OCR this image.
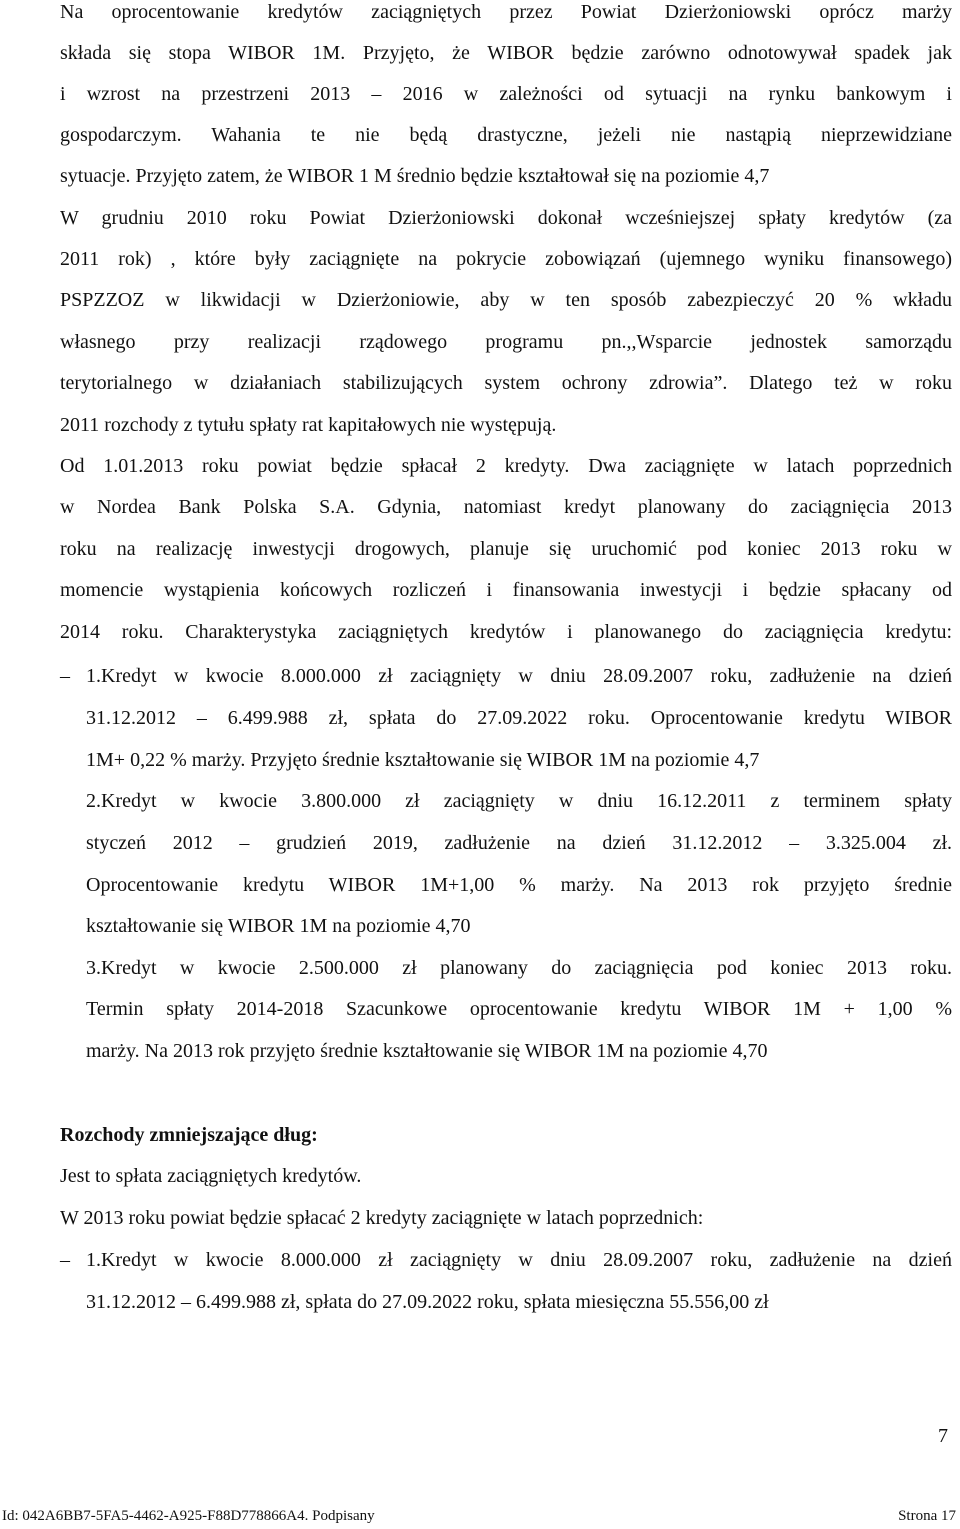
Na oprocentowanie kredytów zaciągniętych przez Powiat Dzierżoniowski oprócz marży
składa się stopa WIBOR 1M. Przyjęto, że WIBOR będzie zarówno odnotowywał spadek jak
i wzrost na przestrzeni 2013 – 2016 w zależności od sytuacji na rynku bankowym i
gospodarczym. Wahania te nie będą drastyczne, jeżeli nie nastąpią nieprzewidziane
sytuacje. Przyjęto zatem, że WIBOR 1 M średnio będzie kształtował się na poziomie 4,7
W grudniu 2010 roku Powiat Dzierżoniowski dokonał wcześniejszej spłaty kredytów (za
2011 rok) , które były zaciągnięte na pokrycie zobowiązań (ujemnego wyniku finansowego)
PSPZZOZ w likwidacji w Dzierżoniowie, aby w ten sposób zabezpieczyć 20 % wkładu
własnego przy realizacji rządowego programu pn.,,Wsparcie jednostek samorządu
terytorialnego w działaniach stabilizujących system ochrony zdrowia”. Dlatego też w roku
2011 rozchody z tytułu spłaty rat kapitałowych nie występują.
Od 1.01.2013 roku powiat będzie spłacał 2 kredyty. Dwa zaciągnięte w latach poprzednich
w Nordea Bank Polska S.A. Gdynia, natomiast kredyt planowany do zaciągnięcia 2013
roku na realizację inwestycji drogowych, planuje się uruchomić pod koniec 2013 roku w
momencie wystąpienia końcowych rozliczeń i finansowania inwestycji i będzie spłacany od
2014 roku. Charakterystyka zaciągniętych kredytów i planowanego do zaciągnięcia kredytu:
– 1.Kredyt w kwocie 8.000.000 zł zaciągnięty w dniu 28.09.2007 roku, zadłużenie na dzień
31.12.2012 – 6.499.988 zł, spłata do 27.09.2022 roku. Oprocentowanie kredytu WIBOR
1M+ 0,22 % marży. Przyjęto średnie kształtowanie się WIBOR 1M na poziomie 4,7
2.Kredyt w kwocie 3.800.000 zł zaciągnięty w dniu 16.12.2011 z terminem spłaty
styczeń 2012 – grudzień 2019, zadłużenie na dzień 31.12.2012 – 3.325.004 zł.
Oprocentowanie kredytu WIBOR 1M+1,00 % marży. Na 2013 rok przyjęto średnie
kształtowanie się WIBOR 1M na poziomie 4,70
3.Kredyt w kwocie 2.500.000 zł planowany do zaciągnięcia pod koniec 2013 roku.
Termin spłaty 2014-2018 Szacunkowe oprocentowanie kredytu WIBOR 1M + 1,00 %
marży. Na 2013 rok przyjęto średnie kształtowanie się WIBOR 1M na poziomie 4,70
Rozchody zmniejszające dług:
Jest to spłata zaciągniętych kredytów.
W 2013 roku powiat będzie spłacać 2 kredyty zaciągnięte w latach poprzednich:
– 1.Kredyt w kwocie 8.000.000 zł zaciągnięty w dniu 28.09.2007 roku, zadłużenie na dzień
31.12.2012 – 6.499.988 zł, spłata do 27.09.2022 roku, spłata miesięczna 55.556,00 zł
7
Id: 042A6BB7-5FA5-4462-A925-F88D778866A4. Podpisany	Strona 17
